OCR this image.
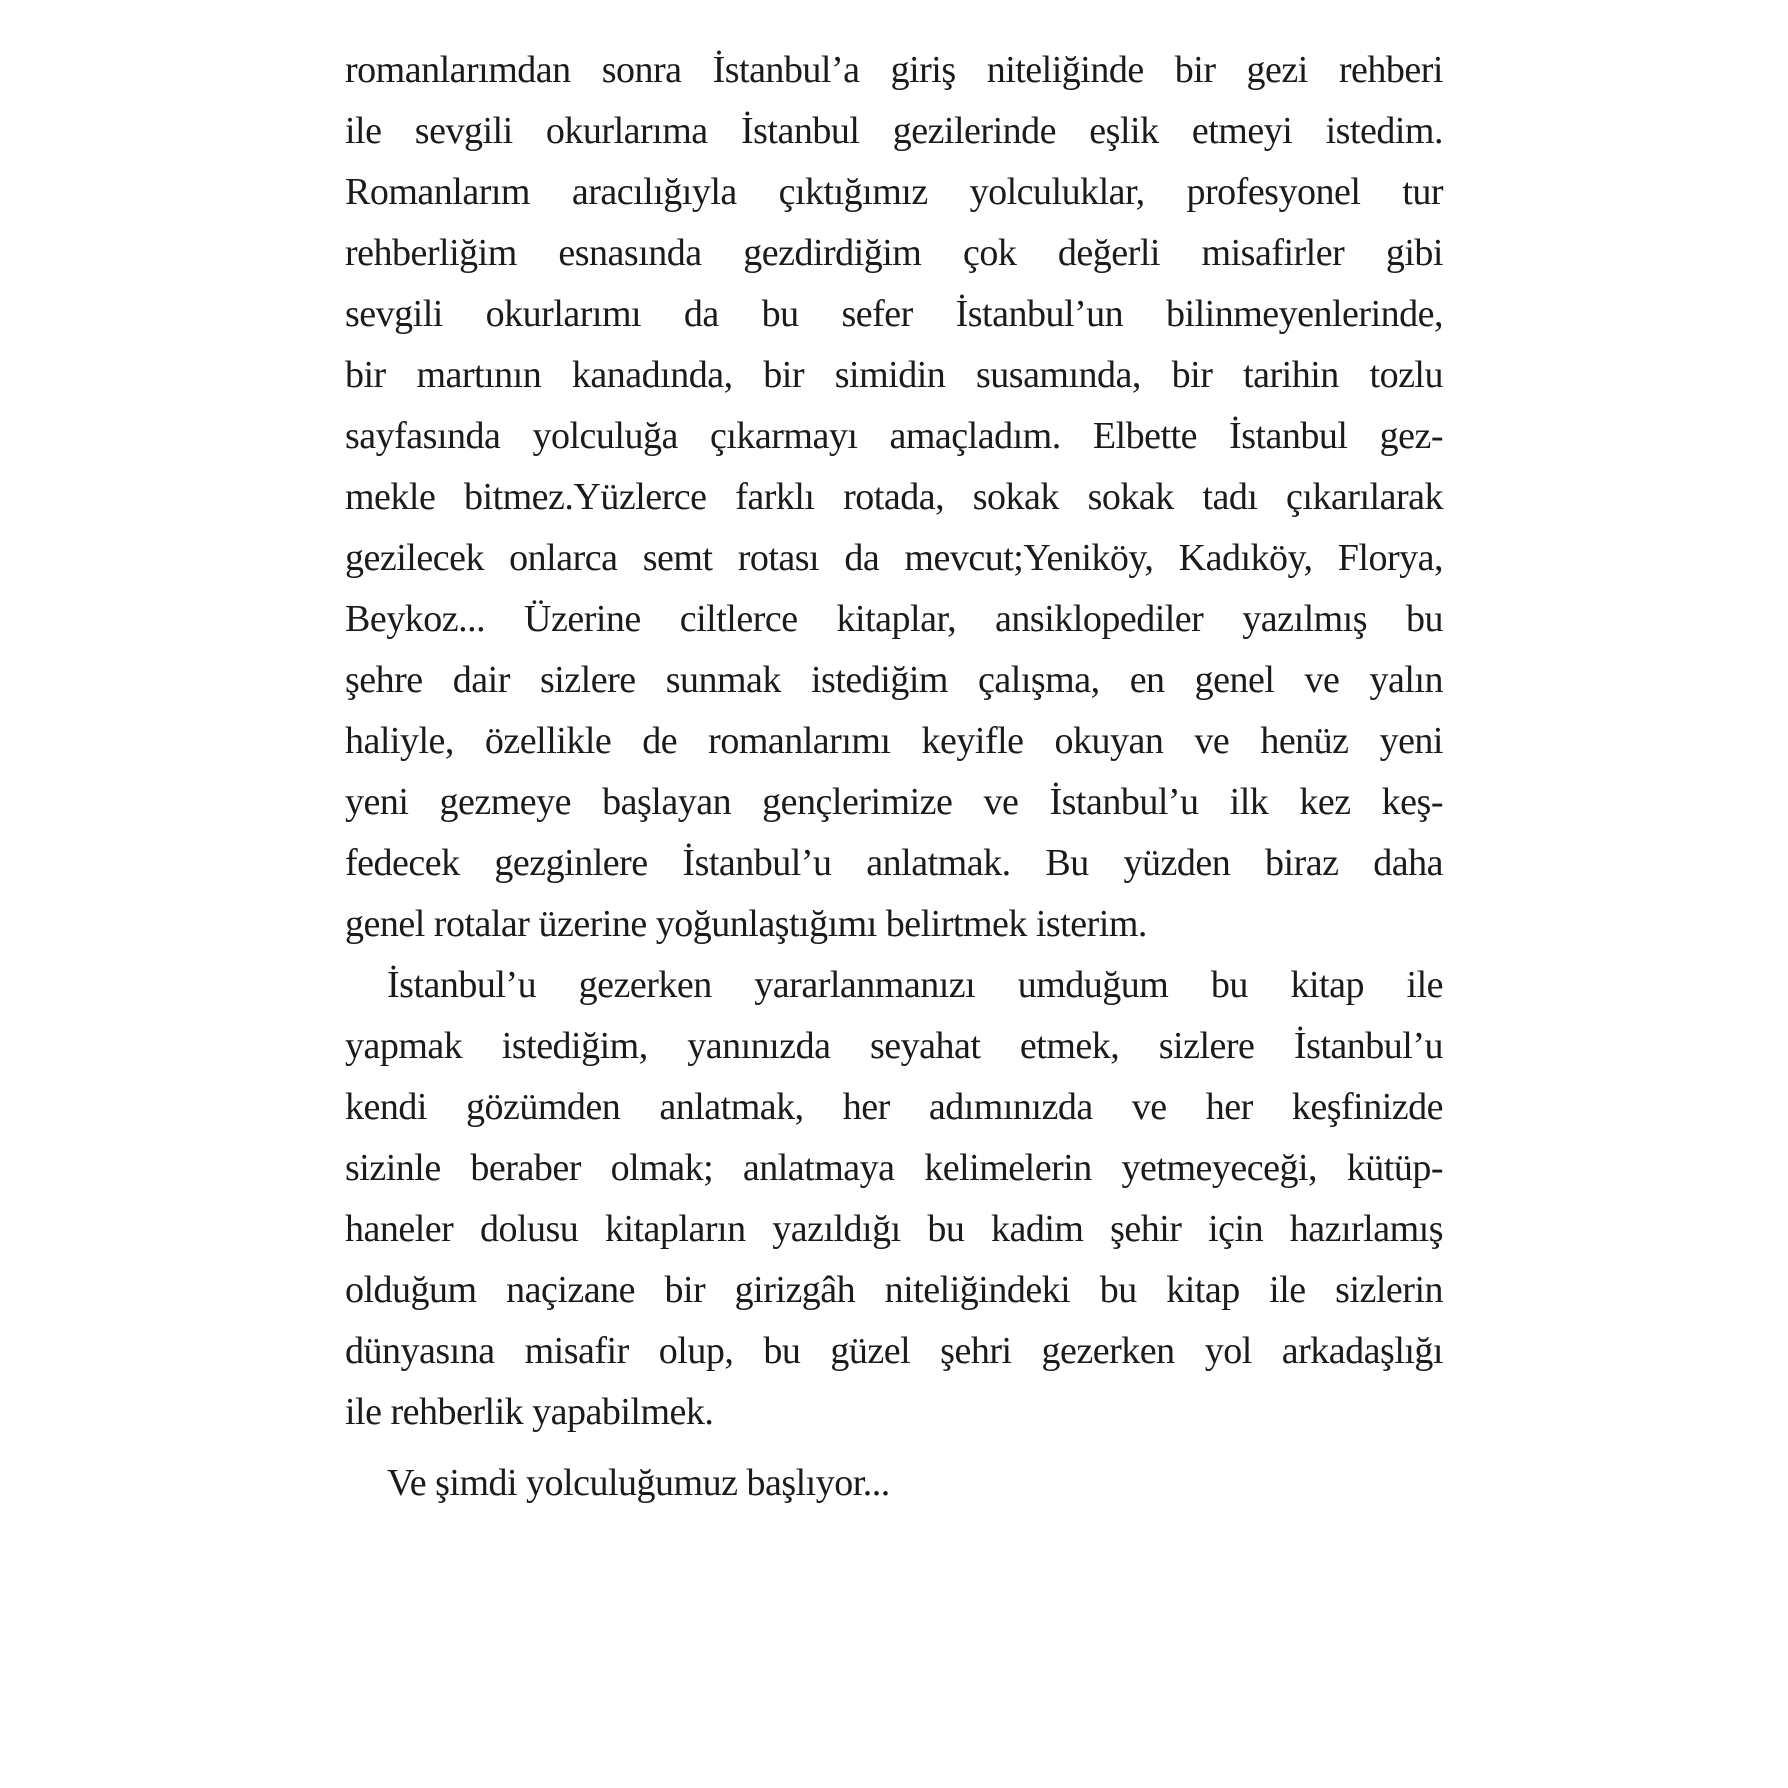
romanlarımdan sonra İstanbul’a giriş niteliğinde bir gezi rehberi
ile sevgili okurlarıma İstanbul gezilerinde eşlik etmeyi istedim.
Romanlarım aracılığıyla çıktığımız yolculuklar, profesyonel tur
rehberliğim esnasında gezdirdiğim çok değerli misafirler gibi
sevgili okurlarımı da bu sefer İstanbul’un bilinmeyenlerinde,
bir martının kanadında, bir simidin susamında, bir tarihin tozlu
sayfasında yolculuğa çıkarmayı amaçladım. Elbette İstanbul gez-
mekle bitmez.Yüzlerce farklı rotada, sokak sokak tadı çıkarılarak
gezilecek onlarca semt rotası da mevcut;Yeniköy, Kadıköy, Florya,
Beykoz... Üzerine ciltlerce kitaplar, ansiklopediler yazılmış bu
şehre dair sizlere sunmak istediğim çalışma, en genel ve yalın
haliyle, özellikle de romanlarımı keyifle okuyan ve henüz yeni
yeni gezmeye başlayan gençlerimize ve İstanbul’u ilk kez keş-
fedecek gezginlere İstanbul’u anlatmak. Bu yüzden biraz daha
genel rotalar üzerine yoğunlaştığımı belirtmek isterim.
İstanbul’u gezerken yararlanmanızı umduğum bu kitap ile
yapmak istediğim, yanınızda seyahat etmek, sizlere İstanbul’u
kendi gözümden anlatmak, her adımınızda ve her keşfinizde
sizinle beraber olmak; anlatmaya kelimelerin yetmeyeceği, kütüp-
haneler dolusu kitapların yazıldığı bu kadim şehir için hazırlamış
olduğum naçizane bir girizgâh niteliğindeki bu kitap ile sizlerin
dünyasına misafir olup, bu güzel şehri gezerken yol arkadaşlığı
ile rehberlik yapabilmek.
Ve şimdi yolculuğumuz başlıyor...
